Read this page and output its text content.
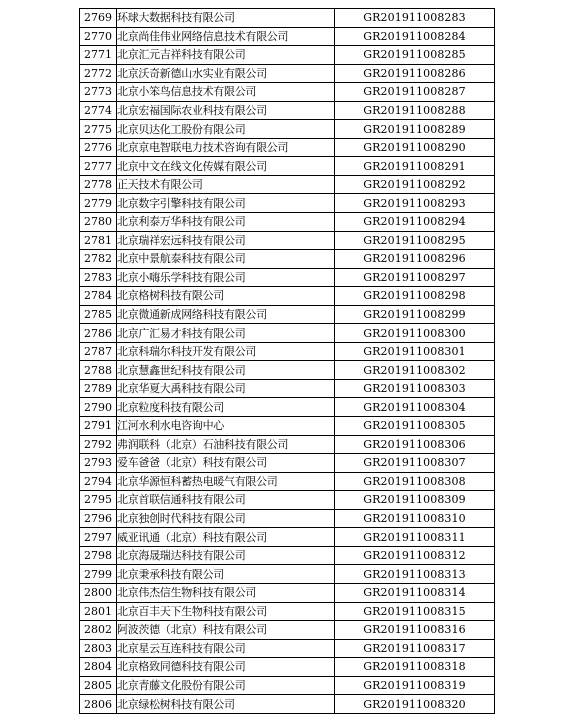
2769	环球大数据科技有限公司	GR201911008283
2770	北京尚佳伟业网络信息技术有限公司	GR201911008284
2771	北京汇元吉祥科技有限公司	GR201911008285
2772	北京沃奇新德山水实业有限公司	GR201911008286
2773	北京小笨鸟信息技术有限公司	GR201911008287
2774	北京宏福国际农业科技有限公司	GR201911008288
2775	北京贝达化工股份有限公司	GR201911008289
2776	北京京电智联电力技术咨询有限公司	GR201911008290
2777	北京中文在线文化传媒有限公司	GR201911008291
2778	正天技术有限公司	GR201911008292
2779	北京数字引擎科技有限公司	GR201911008293
2780	北京利泰万华科技有限公司	GR201911008294
2781	北京瑞祥宏远科技有限公司	GR201911008295
2782	北京中景航泰科技有限公司	GR201911008296
2783	北京小嗨乐学科技有限公司	GR201911008297
2784	北京格树科技有限公司	GR201911008298
2785	北京微通新成网络科技有限公司	GR201911008299
2786	北京广汇易才科技有限公司	GR201911008300
2787	北京科瑞尔科技开发有限公司	GR201911008301
2788	北京慧鑫世纪科技有限公司	GR201911008302
2789	北京华夏大禹科技有限公司	GR201911008303
2790	北京粒度科技有限公司	GR201911008304
2791	江河水利水电咨询中心	GR201911008305
2792	弗润联科（北京）石油科技有限公司	GR201911008306
2793	爱车爸爸（北京）科技有限公司	GR201911008307
2794	北京华源恒科蓄热电暖气有限公司	GR201911008308
2795	北京首联信通科技有限公司	GR201911008309
2796	北京独创时代科技有限公司	GR201911008310
2797	威亚讯通（北京）科技有限公司	GR201911008311
2798	北京海晟瑞达科技有限公司	GR201911008312
2799	北京秉承科技有限公司	GR201911008313
2800	北京伟杰信生物科技有限公司	GR201911008314
2801	北京百丰天下生物科技有限公司	GR201911008315
2802	阿波茨德（北京）科技有限公司	GR201911008316
2803	北京星云互连科技有限公司	GR201911008317
2804	北京格致同德科技有限公司	GR201911008318
2805	北京青藤文化股份有限公司	GR201911008319
2806	北京绿松树科技有限公司	GR201911008320
